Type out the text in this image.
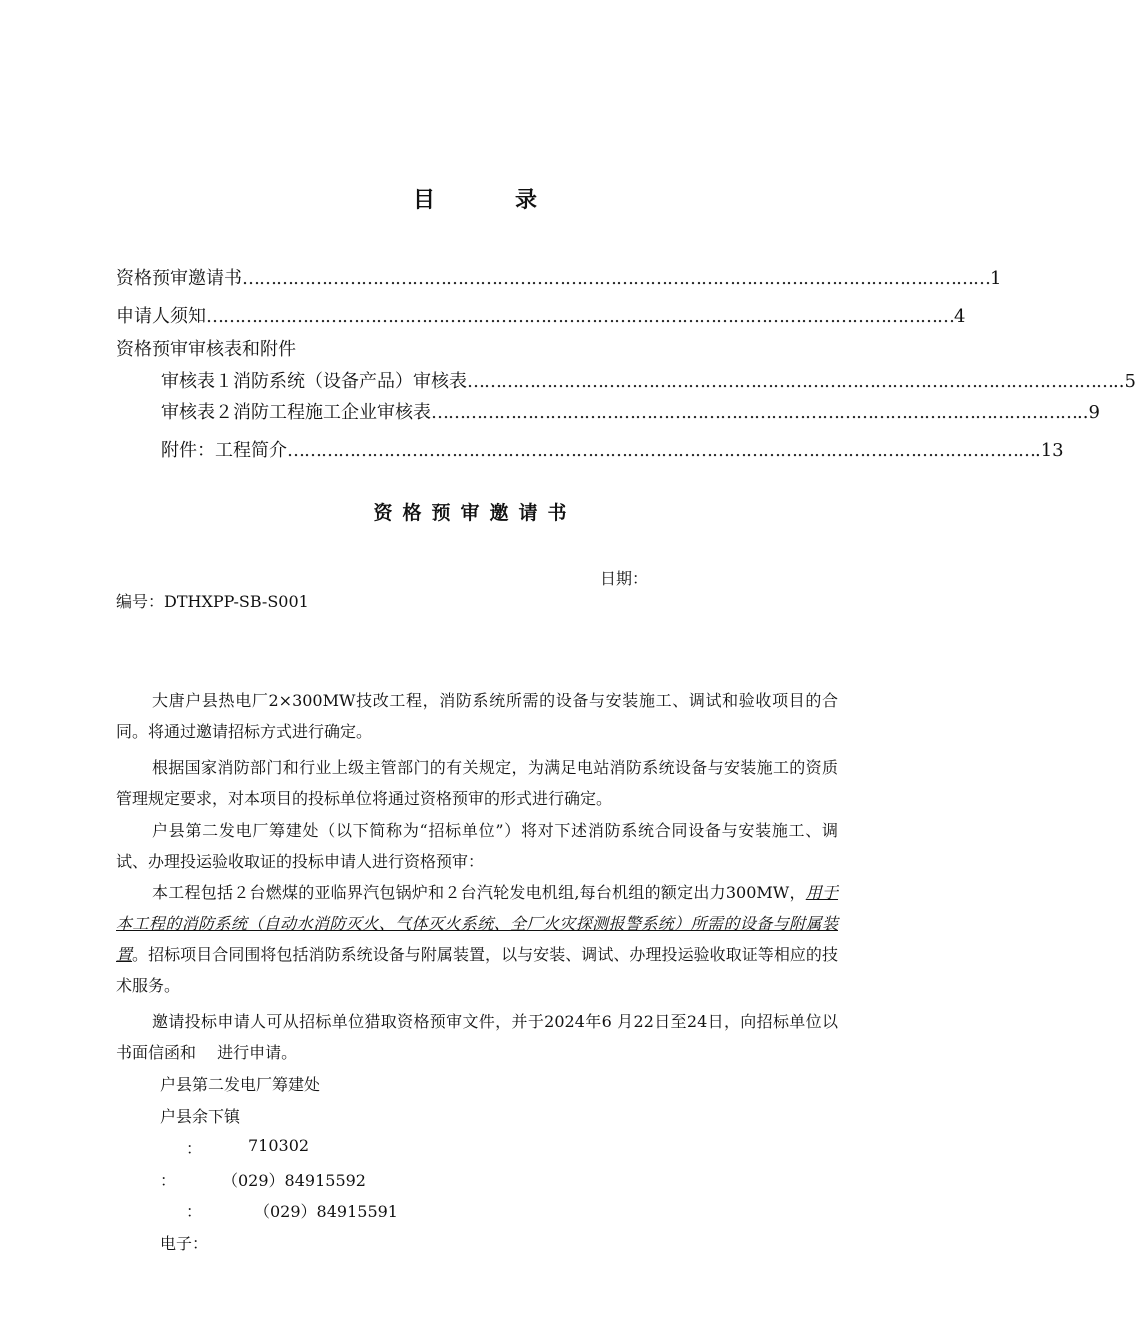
目	录
资格预审邀请书 …………………………………………………………………………………………………………………… 1
申请人须知 …………………………………………………………………………………………………………………… 4
资格预审审核表和附件
审核表１ 消防系统（设备产品）审核表 …………………………………………………………………………………………………… ..5
审核表２ 消防工程施工企业审核表 …………………………………………………………………………………………………… ..9
附件：工程简介 …………………………………………………………………………………………………………………… .13
资格预审邀请书
日期：
编号：DTHXPP-SB-S001
大唐户县热电厂2×300MW技改工程，消防系统所需的设备与安装施工、调试和验收项目的合同。将通过邀请招标方式进行确定。
根据国家消防部门和行业上级主管部门的有关规定，为满足电站消防系统设备与安装施工的资质管理规定要求，对本项目的投标单位将通过资格预审的形式进行确定。
户县第二发电厂筹建处（以下简称为“招标单位”）将对下述消防系统合同设备与安装施工、调试、办理投运验收取证的投标申请人进行资格预审：
本工程包括２台燃煤的亚临界汽包锅炉和２台汽轮发电机组,每台机组的额定出力300MW，用于本工程的消防系统（自动水消防灭火、气体灭火系统、全厂火灾探测报警系统）所需的设备与附属装置。招标项目合同围将包括消防系统设备与附属装置，以与安装、调试、办理投运验收取证等相应的技术服务。
邀请投标申请人可从招标单位猎取资格预审文件，并于2024年6 月22日至24日，向招标单位以书面信函和　 进行申请。
户县第二发电厂筹建处
户县余下镇
：	710302
：	（029）84915592
：	（029）84915591
电子：
